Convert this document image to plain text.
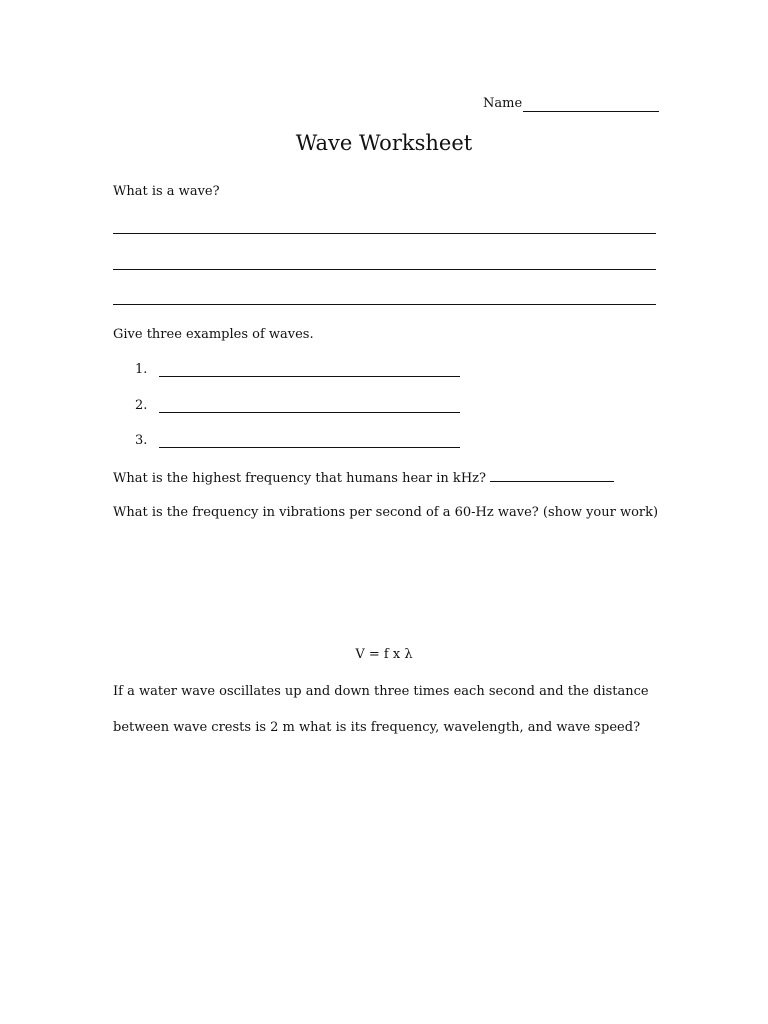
Name
Wave Worksheet
What is a wave?
Give three examples of waves.
1.
2.
3.
What is the highest frequency that humans hear in kHz?
What is the frequency in vibrations per second of a 60-Hz wave? (show your work)
V = f x λ
If a water wave oscillates up and down three times each second and the distance
between wave crests is 2 m what is its frequency, wavelength, and wave speed?
